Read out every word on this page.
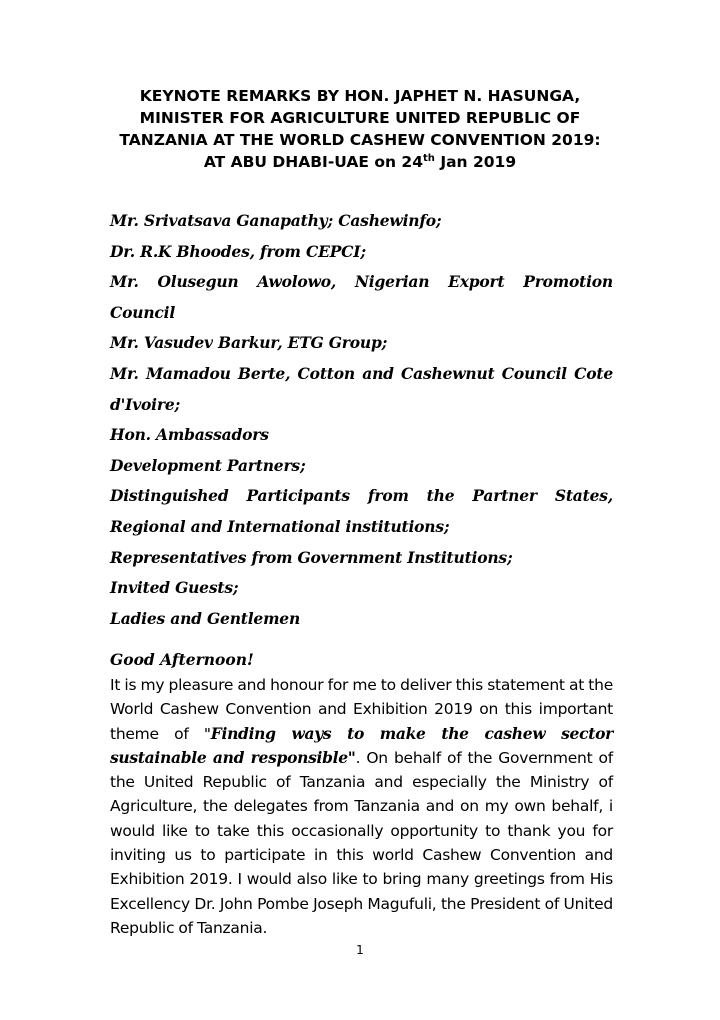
KEYNOTE REMARKS BY HON. JAPHET N. HASUNGA,
MINISTER FOR AGRICULTURE UNITED REPUBLIC OF
TANZANIA AT THE WORLD CASHEW CONVENTION 2019:
AT ABU DHABI-UAE on 24th Jan 2019
Mr. Srivatsava Ganapathy; Cashewinfo;
Dr. R.K Bhoodes, from CEPCI;
Mr. Olusegun Awolowo, Nigerian Export Promotion Council
Mr. Vasudev Barkur, ETG Group;
Mr. Mamadou Berte, Cotton and Cashewnut Council Cote d'Ivoire;
Hon. Ambassadors
Development Partners;
Distinguished Participants from the Partner States, Regional and International institutions;
Representatives from Government Institutions;
Invited Guests;
Ladies and Gentlemen
Good Afternoon!

It is my pleasure and honour for me to deliver this statement at the World Cashew Convention and Exhibition 2019 on this important theme of "Finding ways to make the cashew sector sustainable and responsible". On behalf of the Government of the United Republic of Tanzania and especially the Ministry of Agriculture, the delegates from Tanzania and on my own behalf, i would like to take this occasionally opportunity to thank you for inviting us to participate in this world Cashew Convention and Exhibition 2019. I would also like to bring many greetings from His Excellency Dr. John Pombe Joseph Magufuli, the President of United Republic of Tanzania.

1
